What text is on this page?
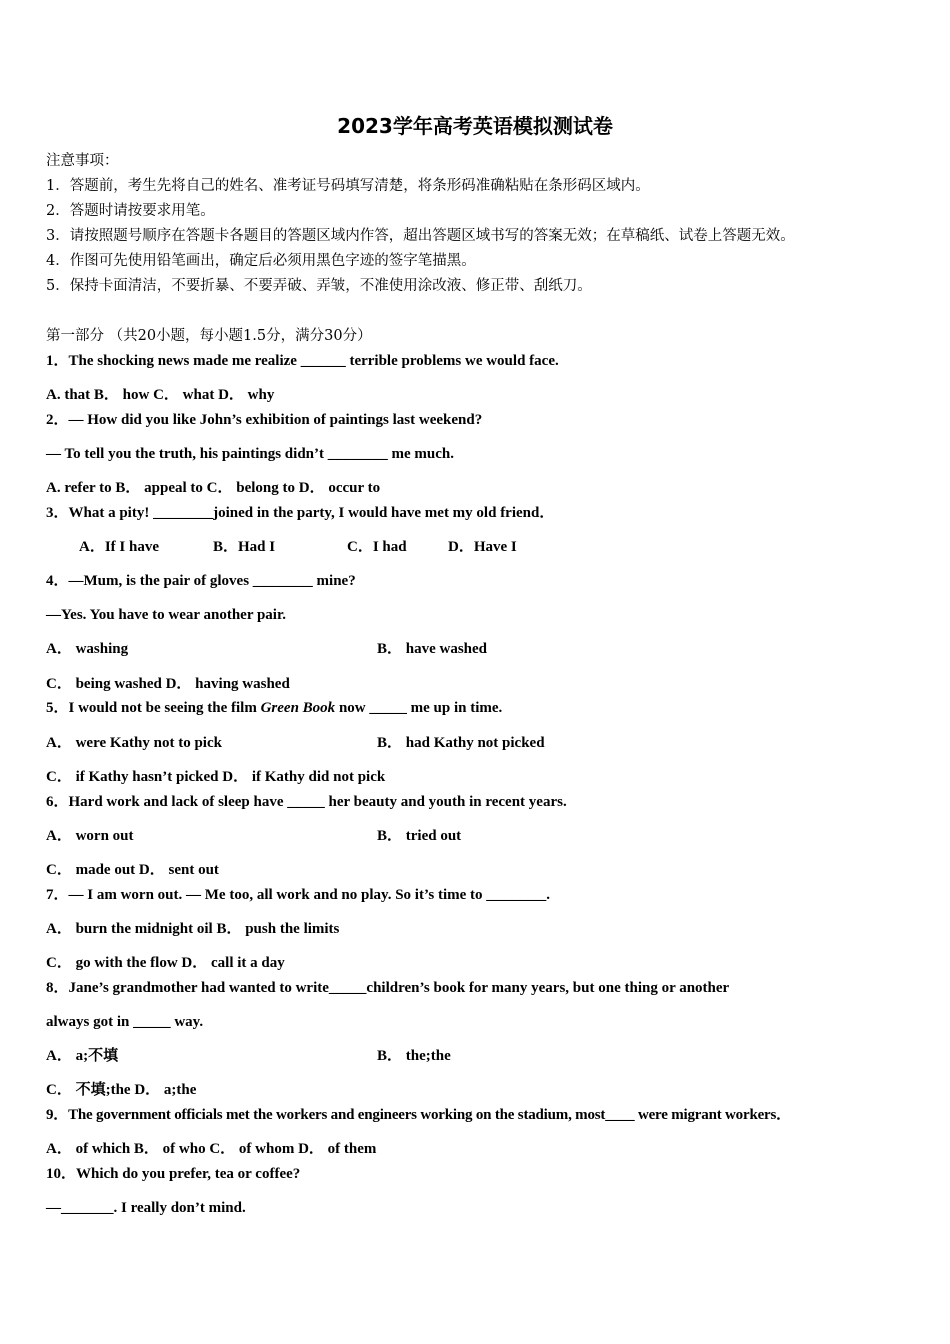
2023学年高考英语模拟测试卷
注意事项：
1．答题前，考生先将自己的姓名、准考证号码填写清楚，将条形码准确粘贴在条形码区域内。
2．答题时请按要求用笔。
3．请按照题号顺序在答题卡各题目的答题区域内作答，超出答题区域书写的答案无效；在草稿纸、试卷上答题无效。
4．作图可先使用铅笔画出，确定后必须用黑色字迹的签字笔描黑。
5．保持卡面清洁，不要折暴、不要弄破、弄皱，不准使用涂改液、修正带、刮纸刀。
第一部分 （共20小题，每小题1.5分，满分30分）
1．The shocking news made me realize ______ terrible problems we would face.
A. that B． how C． what D． why
2．— How did you like John’s exhibition of paintings last weekend?
— To tell you the truth, his paintings didn’t ________ me much.
A. refer to B． appeal to C． belong to D． occur to
3．What a pity! ________joined in the party, I would have met my old friend．
A．If I have	B．Had I	C．I had	D．Have I
4．—Mum, is the pair of gloves ________ mine?
—Yes. You have to wear another pair.
A． washing	B． have washed
C． being washed D． having washed
5．I would not be seeing the film Green Book now _____ me up in time.
A． were Kathy not to pick	B． had Kathy not picked
C． if Kathy hasn’t picked D． if Kathy did not pick
6．Hard work and lack of sleep have _____ her beauty and youth in recent years.
A． worn out	B． tried out
C． made out D． sent out
7．— I am worn out. — Me too, all work and no play. So it’s time to ________.
A． burn the midnight oil B． push the limits
C． go with the flow D． call it a day
8．Jane’s grandmother had wanted to write_____children’s book for many years, but one thing or another
always got in _____ way.
A． a;不填	B． the;the
C． 不填;the D． a;the
9．The government officials met the workers and engineers working on the stadium, most____ were migrant workers．
A． of which B． of who C． of whom D． of them
10．Which do you prefer, tea or coffee?
—_______. I really don’t mind.
